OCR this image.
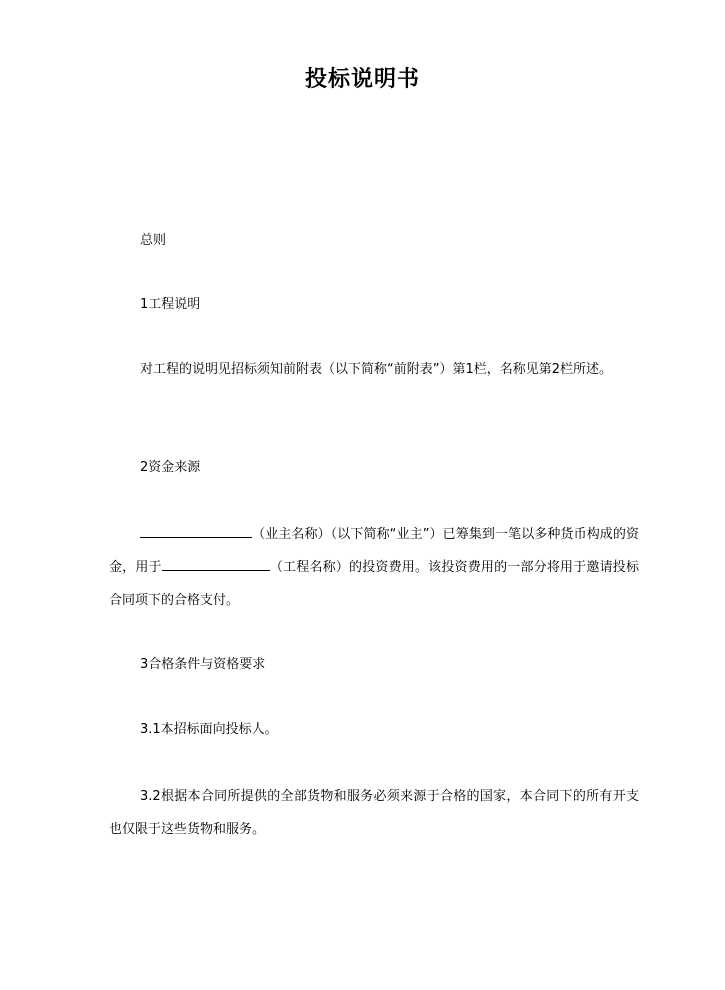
投标说明书

总则

1工程说明

对工程的说明见招标须知前附表（以下简称“前附表”）第1栏，名称见第2栏所述。

2资金来源

（业主名称）（以下简称“业主”）已筹集到一笔以多种货币构成的资金，用于	（工程名称）的投资费用。该投资费用的一部分将用于邀请投标合同项下的合格支付。

3合格条件与资格要求

3.1本招标面向投标人。

3.2根据本合同所提供的全部货物和服务必须来源于合格的国家，本合同下的所有开支也仅限于这些货物和服务。
